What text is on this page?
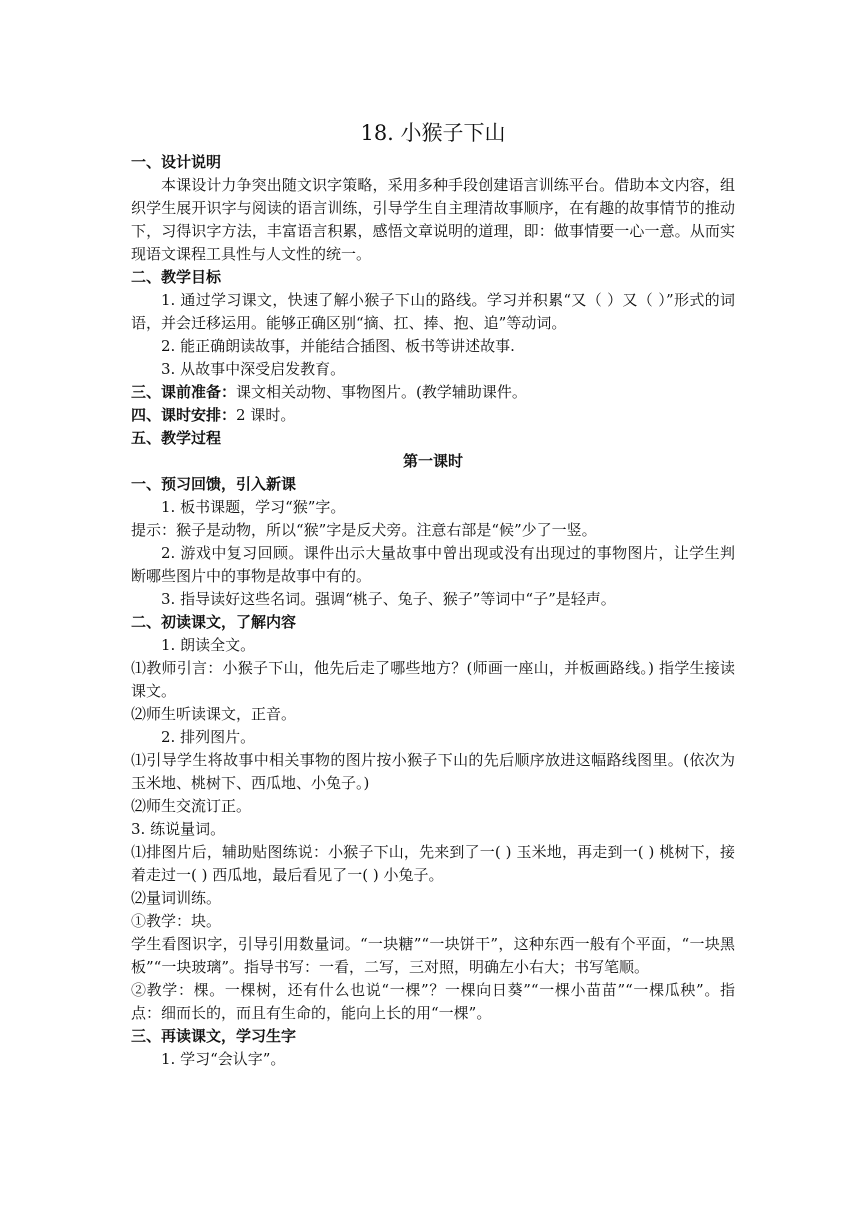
18. 小猴子下山

一、设计说明

本课设计力争突出随文识字策略，采用多种手段创建语言训练平台。借助本文内容，组织学生展开识字与阅读的语言训练，引导学生自主理清故事顺序，在有趣的故事情节的推动下，习得识字方法，丰富语言积累，感悟文章说明的道理，即：做事情要一心一意。从而实现语文课程工具性与人文性的统一。

二、教学目标

1. 通过学习课文，快速了解小猴子下山的路线。学习并积累“又（ ）又（ ）”形式的词语，并会迁移运用。能够正确区别“摘、扛、捧、抱、追”等动词。

2. 能正确朗读故事，并能结合插图、板书等讲述故事.

3. 从故事中深受启发教育。

三、课前准备：课文相关动物、事物图片。(教学辅助课件。

四、课时安排：2 课时。

五、教学过程

第一课时

一、预习回馈，引入新课

1. 板书课题，学习“猴”字。

提示：猴子是动物，所以“猴”字是反犬旁。注意右部是“候”少了一竖。

2. 游戏中复习回顾。课件出示大量故事中曾出现或没有出现过的事物图片，让学生判断哪些图片中的事物是故事中有的。

3. 指导读好这些名词。强调“桃子、兔子、猴子”等词中“子”是轻声。

二、初读课文，了解内容

1. 朗读全文。

⑴教师引言：小猴子下山，他先后走了哪些地方？(师画一座山，并板画路线。) 指学生接读课文。

⑵师生听读课文，正音。

2. 排列图片。

⑴引导学生将故事中相关事物的图片按小猴子下山的先后顺序放进这幅路线图里。(依次为玉米地、桃树下、西瓜地、小兔子。)

⑵师生交流订正。

3. 练说量词。

⑴排图片后，辅助贴图练说：小猴子下山，先来到了一( ) 玉米地，再走到一( ) 桃树下，接着走过一( ) 西瓜地，最后看见了一( ) 小兔子。

⑵量词训练。

①教学：块。

学生看图识字，引导引用数量词。“一块糖”“一块饼干”，这种东西一般有个平面，“一块黑板”“一块玻璃”。指导书写：一看，二写，三对照，明确左小右大；书写笔顺。

②教学：棵。一棵树，还有什么也说“一棵”？一棵向日葵”“一棵小苗苗”“一棵瓜秧”。指点：细而长的，而且有生命的，能向上长的用“一棵”。

三、再读课文，学习生字

1. 学习“会认字”。
